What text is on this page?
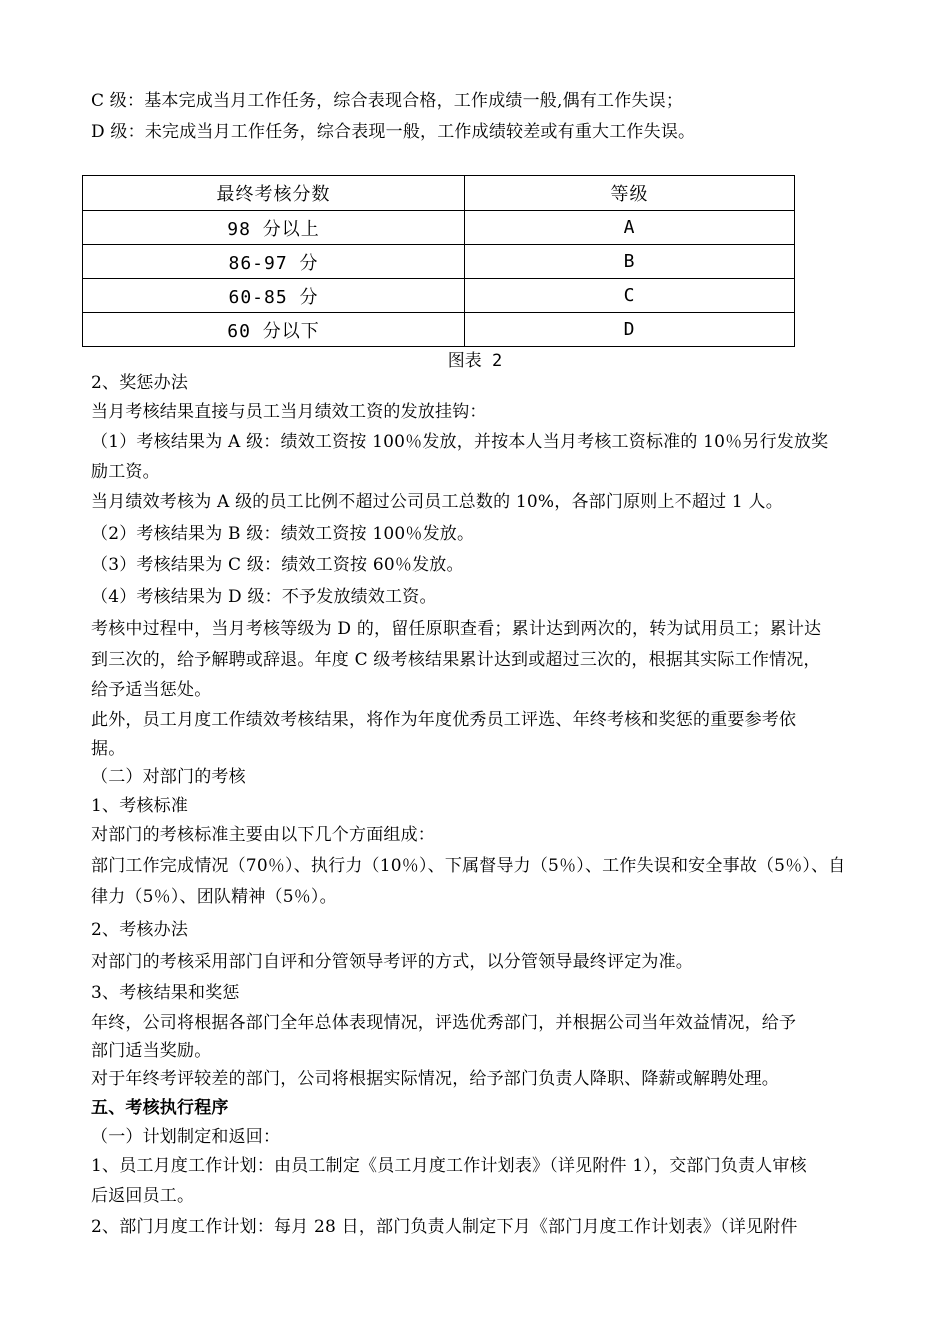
C 级：基本完成当月工作任务，综合表现合格，工作成绩一般,偶有工作失误；
D 级：未完成当月工作任务，综合表现一般，工作成绩较差或有重大工作失误。
最终考核分数	等级
98 分以上	A
86-97 分	B
60-85 分	C
60 分以下	D
图表 2
2、奖惩办法
当月考核结果直接与员工当月绩效工资的发放挂钩：
（1）考核结果为 A 级：绩效工资按 100％发放，并按本人当月考核工资标准的 10％另行发放奖
励工资。
当月绩效考核为 A 级的员工比例不超过公司员工总数的 10%，各部门原则上不超过 1 人。
（2）考核结果为 B 级：绩效工资按 100％发放。
（3）考核结果为 C 级：绩效工资按 60％发放。
（4）考核结果为 D 级：不予发放绩效工资。
考核中过程中，当月考核等级为 D 的，留任原职查看；累计达到两次的，转为试用员工；累计达
到三次的，给予解聘或辞退。年度 C 级考核结果累计达到或超过三次的，根据其实际工作情况，
给予适当惩处。
此外，员工月度工作绩效考核结果，将作为年度优秀员工评选、年终考核和奖惩的重要参考依
据。
（二）对部门的考核
1、考核标准
对部门的考核标准主要由以下几个方面组成：
部门工作完成情况（70％）、执行力（10％）、下属督导力（5％）、工作失误和安全事故（5％）、自
律力（5％）、团队精神（5％）。
2、考核办法
对部门的考核采用部门自评和分管领导考评的方式，以分管领导最终评定为准。
3、考核结果和奖惩
年终，公司将根据各部门全年总体表现情况，评选优秀部门，并根据公司当年效益情况，给予
部门适当奖励。
对于年终考评较差的部门，公司将根据实际情况，给予部门负责人降职、降薪或解聘处理。
五、考核执行程序
（一）计划制定和返回：
1、员工月度工作计划：由员工制定《员工月度工作计划表》（详见附件 1），交部门负责人审核
后返回员工。
2、部门月度工作计划：每月 28 日，部门负责人制定下月《部门月度工作计划表》（详见附件
